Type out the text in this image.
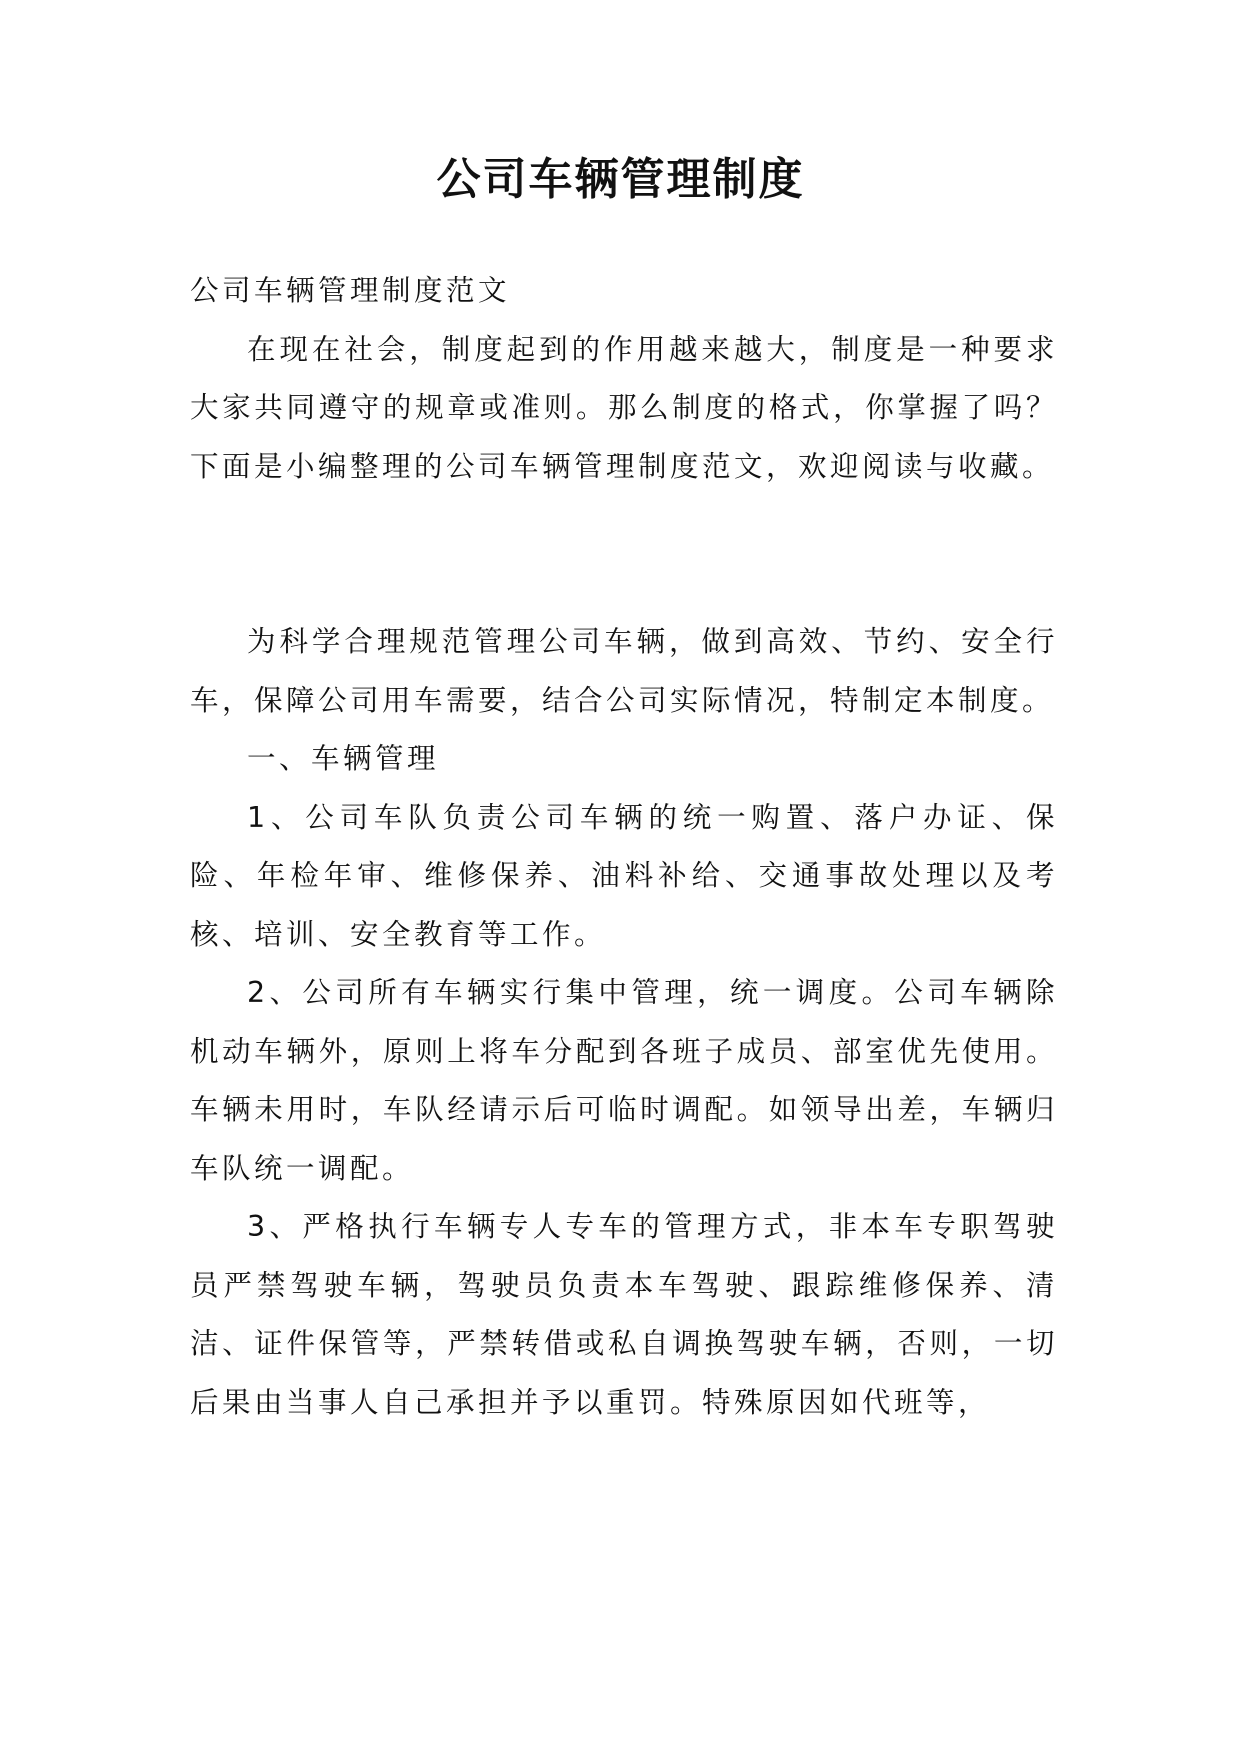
公司车辆管理制度

公司车辆管理制度范文

在现在社会，制度起到的作用越来越大，制度是一种要求大家共同遵守的规章或准则。那么制度的格式，你掌握了吗？下面是小编整理的公司车辆管理制度范文，欢迎阅读与收藏。

为科学合理规范管理公司车辆，做到高效、节约、安全行车，保障公司用车需要，结合公司实际情况，特制定本制度。

一、车辆管理

1、公司车队负责公司车辆的统一购置、落户办证、保险、年检年审、维修保养、油料补给、交通事故处理以及考核、培训、安全教育等工作。

2、公司所有车辆实行集中管理，统一调度。公司车辆除机动车辆外，原则上将车分配到各班子成员、部室优先使用。车辆未用时，车队经请示后可临时调配。如领导出差，车辆归车队统一调配。

3、严格执行车辆专人专车的管理方式，非本车专职驾驶员严禁驾驶车辆，驾驶员负责本车驾驶、跟踪维修保养、清洁、证件保管等，严禁转借或私自调换驾驶车辆，否则，一切后果由当事人自己承担并予以重罚。特殊原因如代班等，
